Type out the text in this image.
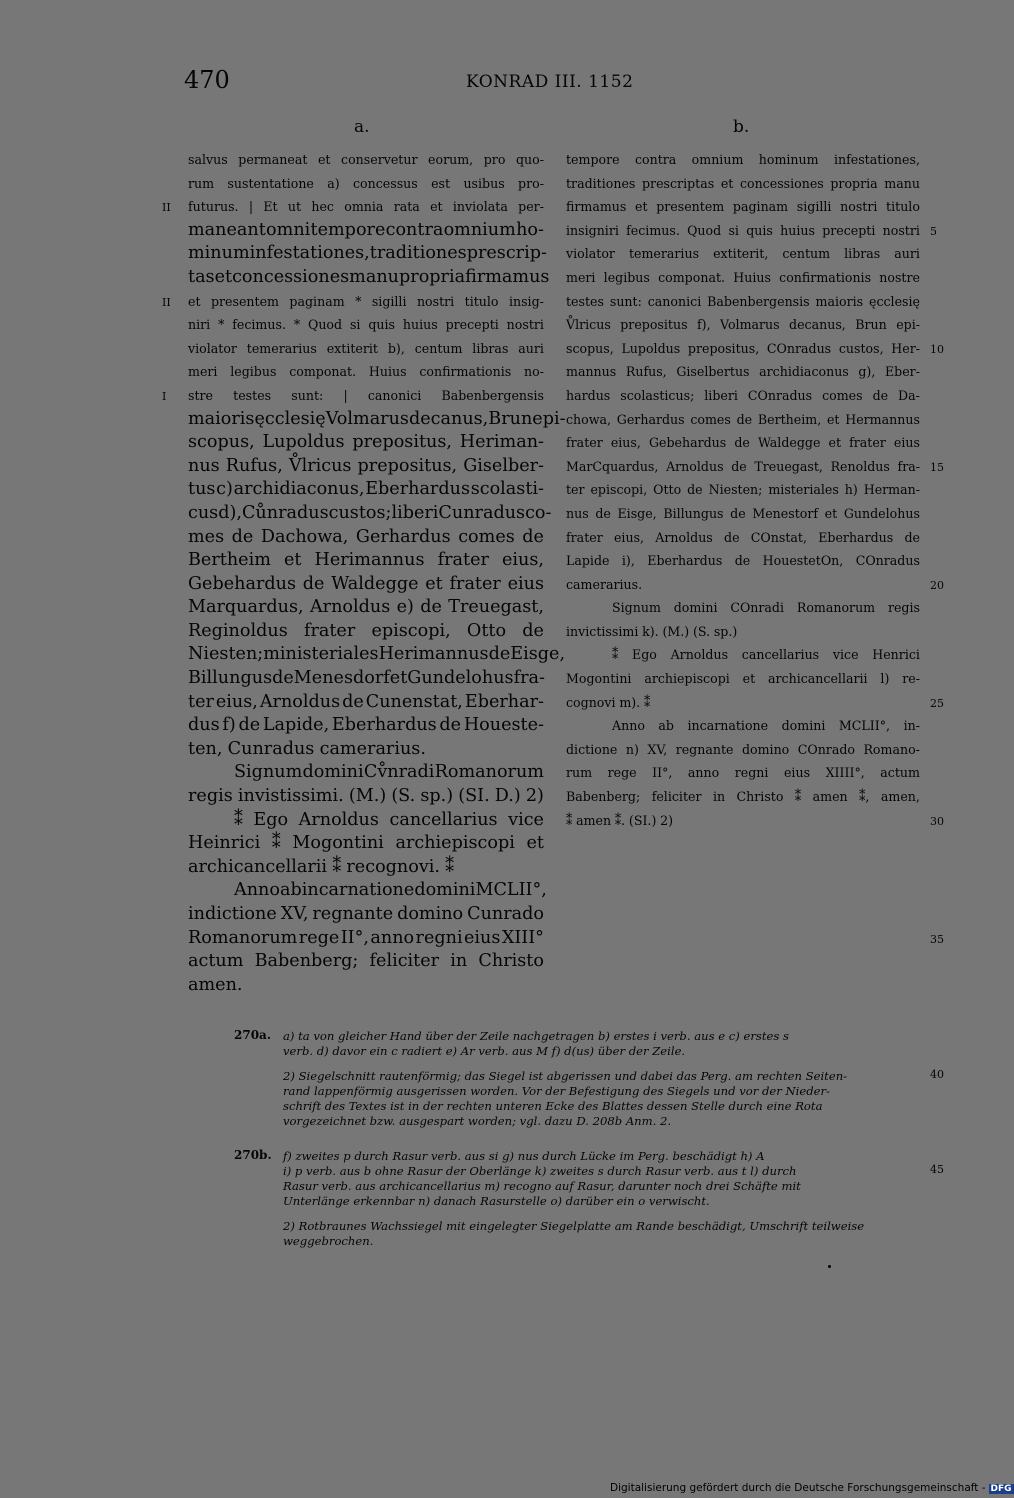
470	KONRAD III. 1152
a.	b.
salvus permaneat et conservetur eorum, pro quo-
rum sustentatione a) concessus est usibus pro-
futurus. | Et ut hec omnia rata et inviolata per-
maneant omni tempore contra omnium ho-
minum infestationes, traditiones prescrip-
tas et concessiones manu propria firmamus
et presentem paginam * sigilli nostri titulo insig-
niri * fecimus. * Quod si quis huius precepti nostri
violator temerarius extiterit b), centum libras auri
meri legibus componat. Huius confirmationis no-
stre testes sunt: | canonici Babenbergensis
maioris ęcclesię Volmarus decanus, Brun epi-
scopus, Lupoldus prepositus, Heriman-
nus Rufus, V̊lricus prepositus, Giselber-
tus c) archidiaconus, Eberhardus scolasti-
cus d), Cůnradus custos; liberi Cunradus co-
mes de Dachowa, Gerhardus comes de
Bertheim et Herimannus frater eius,
Gebehardus de Waldegge et frater eius
Marquardus, Arnoldus e) de Treuegast,
Reginoldus frater episcopi, Otto de
Niesten; ministeriales Herimannus de Eisge,
Billungus de Menesdorf et Gundelohus fra-
ter eius, Arnoldus de Cunenstat, Eberhar-
dus f) de Lapide, Eberhardus de Houeste-
ten, Cunradus camerarius.
Signum domini Cv̊nradi Romanorum
regis invistissimi. (M.) (S. sp.) (SI. D.) 2)
⁑ Ego Arnoldus cancellarius vice
Heinrici ⁑ Mogontini archiepiscopi et
archicancellarii ⁑ recognovi. ⁑
Anno ab incarnatione domini MCLII°,
indictione XV, regnante domino Cunrado
Romanorum rege II°, anno regni eius XIII°
actum Babenberg; feliciter in Christo
amen.
tempore contra omnium hominum infestationes,
traditiones prescriptas et concessiones propria manu
firmamus et presentem paginam sigilli nostri titulo
insigniri fecimus. Quod si quis huius precepti nostri
violator temerarius extiterit, centum libras auri
meri legibus componat. Huius confirmationis nostre
testes sunt: canonici Babenbergensis maioris ęcclesię
V̊lricus prepositus f), Volmarus decanus, Brun epi-
scopus, Lupoldus prepositus, COnradus custos, Her-
mannus Rufus, Giselbertus archidiaconus g), Eber-
hardus scolasticus; liberi COnradus comes de Da-
chowa, Gerhardus comes de Bertheim, et Hermannus
frater eius, Gebehardus de Waldegge et frater eius
MarCquardus, Arnoldus de Treuegast, Renoldus fra-
ter episcopi, Otto de Niesten; misteriales h) Herman-
nus de Eisge, Billungus de Menestorf et Gundelohus
frater eius, Arnoldus de COnstat, Eberhardus de
Lapide i), Eberhardus de HouestetOn, COnradus
camerarius.
Signum domini COnradi Romanorum regis
invictissimi k). (M.) (S. sp.)
⁑ Ego Arnoldus cancellarius vice Henrici
Mogontini archiepiscopi et archicancellarii l) re-
cognovi m). ⁑
Anno ab incarnatione domini MCLII°, in-
dictione n) XV, regnante domino COnrado Romano-
rum rege II°, anno regni eius XIIII°, actum
Babenberg; feliciter in Christo ⁑ amen ⁑, amen,
⁑ amen ⁑. (SI.) 2)
II
II
I
5
10
15
20
25
30
35
270a. a) ta von gleicher Hand über der Zeile nachgetragen b) erstes i verb. aus e c) erstes s
verb. d) davor ein c radiert e) Ar verb. aus M f) d(us) über der Zeile.
2) Siegelschnitt rautenförmig; das Siegel ist abgerissen und dabei das Perg. am rechten Seiten-
rand lappenförmig ausgerissen worden. Vor der Befestigung des Siegels und vor der Nieder-
schrift des Textes ist in der rechten unteren Ecke des Blattes dessen Stelle durch eine Rota
vorgezeichnet bzw. ausgespart worden; vgl. dazu D. 208b Anm. 2.
270b. f) zweites p durch Rasur verb. aus si g) nus durch Lücke im Perg. beschädigt h) A
i) p verb. aus b ohne Rasur der Oberlänge k) zweites s durch Rasur verb. aus t l) durch
Rasur verb. aus archicancellarius m) recogno auf Rasur, darunter noch drei Schäfte mit
Unterlänge erkennbar n) danach Rasurstelle o) darüber ein o verwischt.
2) Rotbraunes Wachssiegel mit eingelegter Siegelplatte am Rande beschädigt, Umschrift teilweise
weggebrochen.
40
45
Digitalisierung gefördert durch die Deutsche Forschungsgemeinschaft - DFG
